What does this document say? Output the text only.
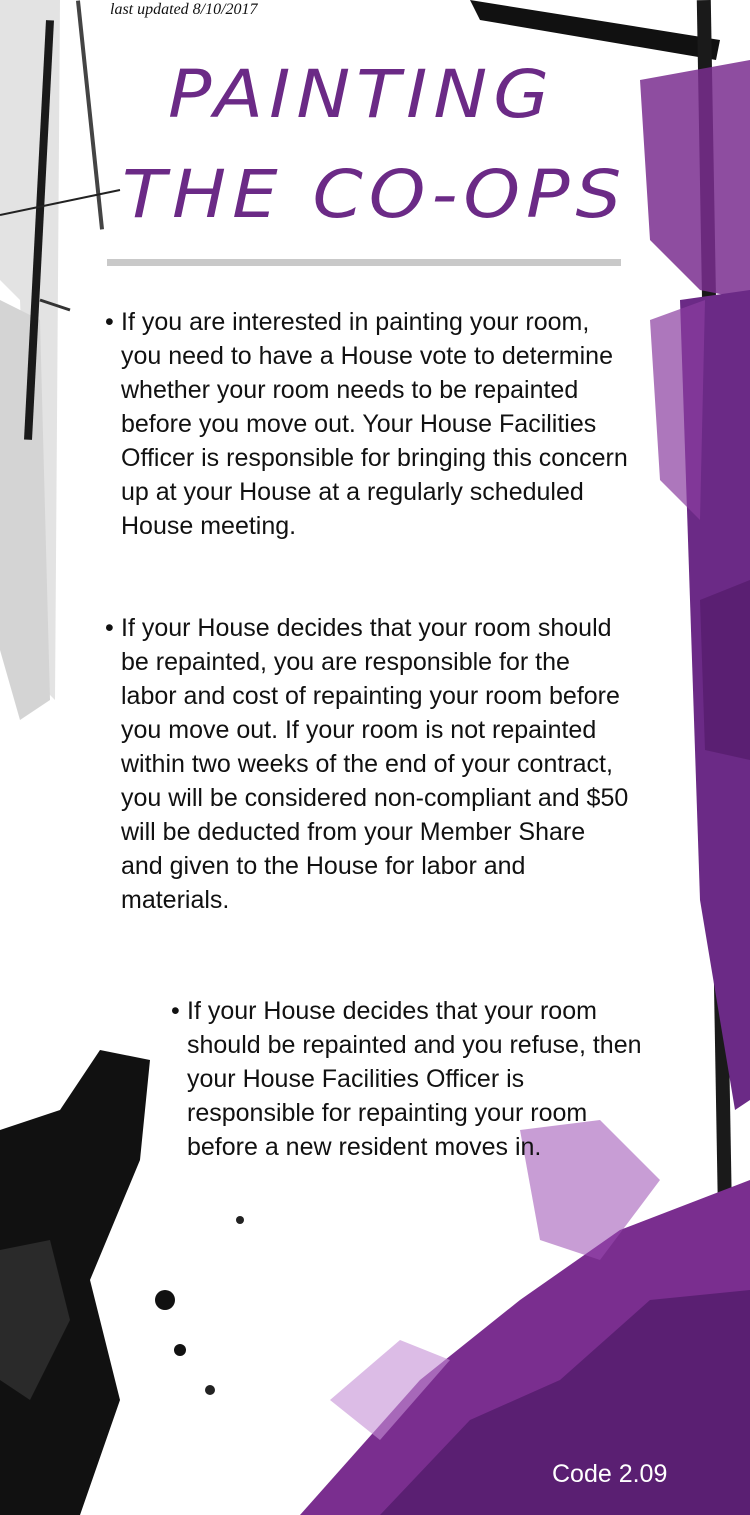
last updated 8/10/2017
PAINTING
THE CO-OPS
• If you are interested in painting your room, you need to have a House vote to determine whether your room needs to be repainted before you move out. Your House Facilities Officer is responsible for bringing this concern up at your House at a regularly scheduled House meeting.
• If your House decides that your room should be repainted, you are responsible for the labor and cost of repainting your room before you move out. If your room is not repainted within two weeks of the end of your contract, you will be considered non-compliant and $50 will be deducted from your Member Share and given to the House for labor and materials.
• If your House decides that your room should be repainted and you refuse, then your House Facilities Officer is responsible for repainting your room before a new resident moves in.
Code 2.09
